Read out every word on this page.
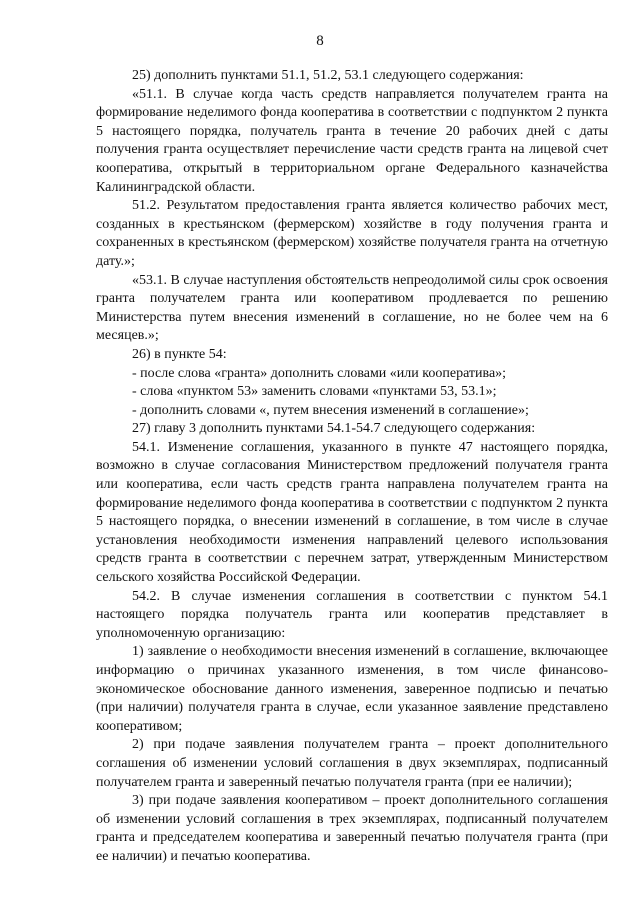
8

25) дополнить пунктами 51.1, 51.2, 53.1 следующего содержания:

«51.1. В случае когда часть средств направляется получателем гранта на формирование неделимого фонда кооператива в соответствии с подпунктом 2 пункта 5 настоящего порядка, получатель гранта в течение 20 рабочих дней с даты получения гранта осуществляет перечисление части средств гранта на лицевой счет кооператива, открытый в территориальном органе Федерального казначейства Калининградской области.

51.2. Результатом предоставления гранта является количество рабочих мест, созданных в крестьянском (фермерском) хозяйстве в году получения гранта и сохраненных в крестьянском (фермерском) хозяйстве получателя гранта на отчетную дату.»;

«53.1. В случае наступления обстоятельств непреодолимой силы срок освоения гранта получателем гранта или кооперативом продлевается по решению Министерства путем внесения изменений в соглашение, но не более чем на 6 месяцев.»;

26) в пункте 54:

- после слова «гранта» дополнить словами «или кооператива»;

- слова «пунктом 53» заменить словами «пунктами 53, 53.1»;

- дополнить словами «, путем внесения изменений в соглашение»;

27) главу 3 дополнить пунктами 54.1-54.7 следующего содержания:

54.1. Изменение соглашения, указанного в пункте 47 настоящего порядка, возможно в случае согласования Министерством предложений получателя гранта или кооператива, если часть средств гранта направлена получателем гранта на формирование неделимого фонда кооператива в соответствии с подпунктом 2 пункта 5 настоящего порядка, о внесении изменений в соглашение, в том числе в случае установления необходимости изменения направлений целевого использования средств гранта в соответствии с перечнем затрат, утвержденным Министерством сельского хозяйства Российской Федерации.

54.2. В случае изменения соглашения в соответствии с пунктом 54.1 настоящего порядка получатель гранта или кооператив представляет в уполномоченную организацию:

1) заявление о необходимости внесения изменений в соглашение, включающее информацию о причинах указанного изменения, в том числе финансово-экономическое обоснование данного изменения, заверенное подписью и печатью (при наличии) получателя гранта в случае, если указанное заявление представлено кооперативом;

2) при подаче заявления получателем гранта – проект дополнительного соглашения об изменении условий соглашения в двух экземплярах, подписанный получателем гранта и заверенный печатью получателя гранта (при ее наличии);

3) при подаче заявления кооперативом – проект дополнительного соглашения об изменении условий соглашения в трех экземплярах, подписанный получателем гранта и председателем кооператива и заверенный печатью получателя гранта (при ее наличии) и печатью кооператива.
